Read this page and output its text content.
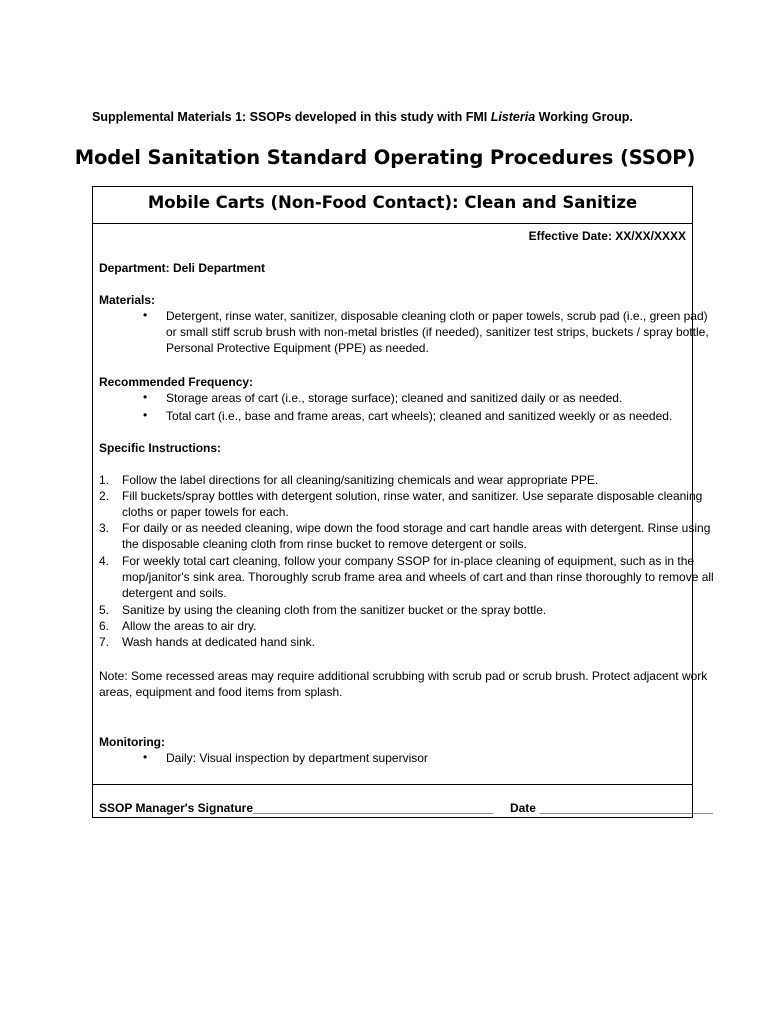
Supplemental Materials 1: SSOPs developed in this study with FMI Listeria Working Group.
Model Sanitation Standard Operating Procedures (SSOP)
Mobile Carts (Non-Food Contact): Clean and Sanitize
Effective Date: XX/XX/XXXX
Department: Deli Department
Materials:
• Detergent, rinse water, sanitizer, disposable cleaning cloth or paper towels, scrub pad (i.e., green pad)
or small stiff scrub brush with non-metal bristles (if needed), sanitizer test strips, buckets / spray bottle,
Personal Protective Equipment (PPE) as needed.
Recommended Frequency:
• Storage areas of cart (i.e., storage surface); cleaned and sanitized daily or as needed.
• Total cart (i.e., base and frame areas, cart wheels); cleaned and sanitized weekly or as needed.
Specific Instructions:
1. Follow the label directions for all cleaning/sanitizing chemicals and wear appropriate PPE.
2. Fill buckets/spray bottles with detergent solution, rinse water, and sanitizer. Use separate disposable cleaning
cloths or paper towels for each.
3. For daily or as needed cleaning, wipe down the food storage and cart handle areas with detergent. Rinse using
the disposable cleaning cloth from rinse bucket to remove detergent or soils.
4. For weekly total cart cleaning, follow your company SSOP for in-place cleaning of equipment, such as in the
mop/janitor's sink area. Thoroughly scrub frame area and wheels of cart and than rinse thoroughly to remove all
detergent and soils.
5. Sanitize by using the cleaning cloth from the sanitizer bucket or the spray bottle.
6. Allow the areas to air dry.
7. Wash hands at dedicated hand sink.
Note: Some recessed areas may require additional scrubbing with scrub pad or scrub brush. Protect adjacent work
areas, equipment and food items from splash.
Monitoring:
• Daily: Visual inspection by department supervisor
SSOP Manager's Signature____________________________________ Date __________________________
